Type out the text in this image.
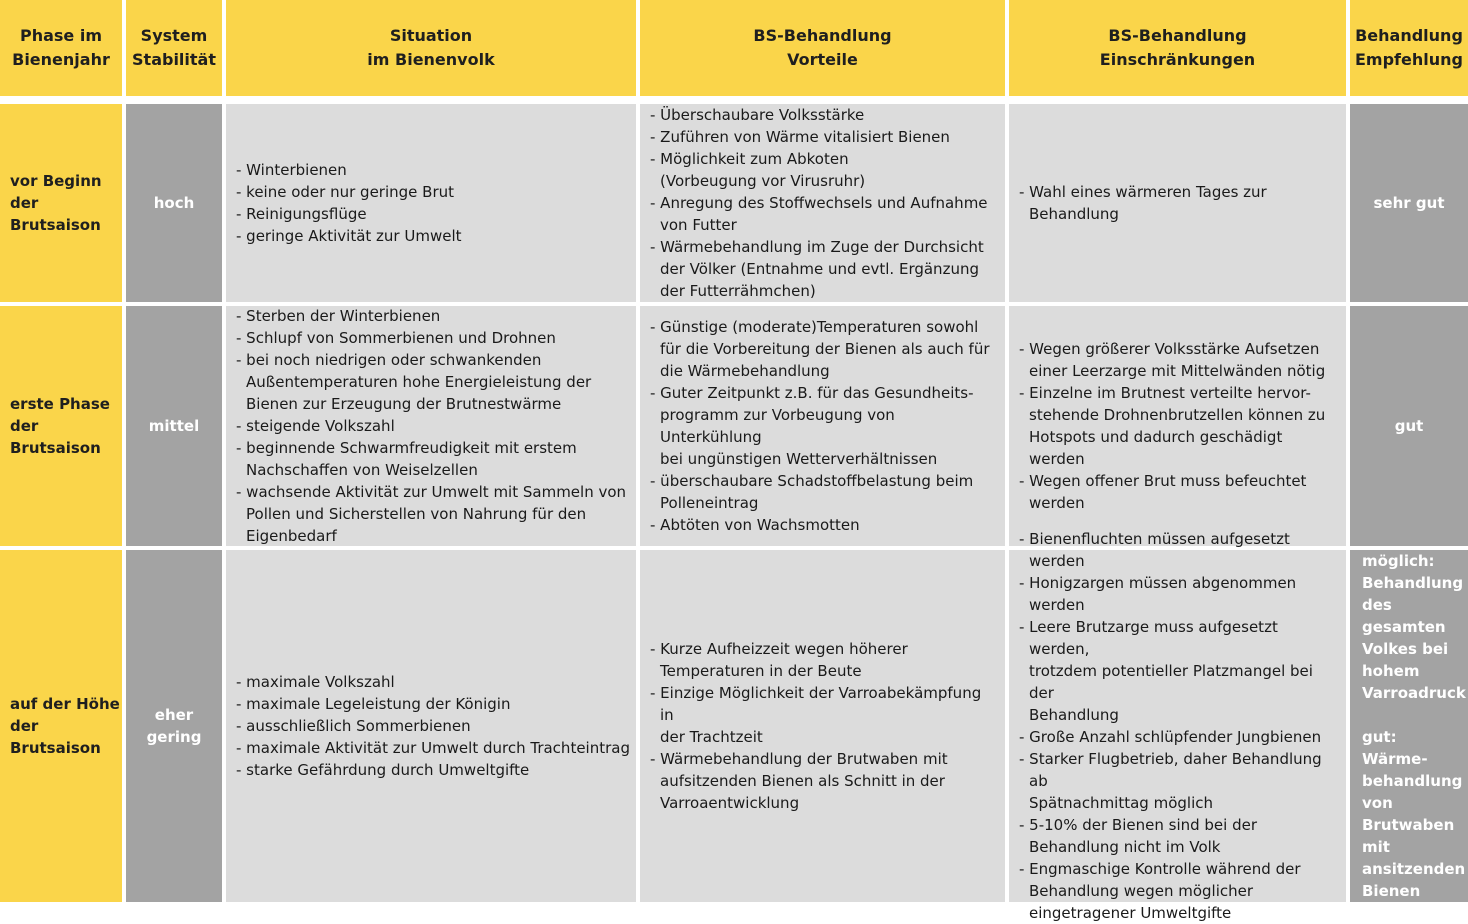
Phase im
Bienenjahr
System
Stabilität
Situation
im Bienenvolk
BS-Behandlung
Vorteile
BS-Behandlung
Einschränkungen
Behandlung
Empfehlung
vor Beginn
der
Brutsaison
hoch
- Winterbienen
- keine oder nur geringe Brut
- Reinigungsflüge
- geringe Aktivität zur Umwelt
- Überschaubare Volksstärke
- Zuführen von Wärme vitalisiert Bienen
- Möglichkeit zum Abkoten
(Vorbeugung vor Virusruhr)
- Anregung des Stoffwechsels und Aufnahme
von Futter
- Wärmebehandlung im Zuge der Durchsicht
der Völker (Entnahme und evtl. Ergänzung
der Futterrähmchen)
- Wahl eines wärmeren Tages zur
Behandlung
sehr gut
erste Phase
der
Brutsaison
mittel
- Sterben der Winterbienen
- Schlupf von Sommerbienen und Drohnen
- bei noch niedrigen oder schwankenden
Außentemperaturen hohe Energieleistung der
Bienen zur Erzeugung der Brutnestwärme
- steigende Volkszahl
- beginnende Schwarmfreudigkeit mit erstem
Nachschaffen von Weiselzellen
- wachsende Aktivität zur Umwelt mit Sammeln von
Pollen und Sicherstellen von Nahrung für den
Eigenbedarf
- Günstige (moderate)Temperaturen sowohl
für die Vorbereitung der Bienen als auch für
die Wärmebehandlung
- Guter Zeitpunkt z.B. für das Gesundheits-
programm zur Vorbeugung von Unterkühlung
bei ungünstigen Wetterverhältnissen
- überschaubare Schadstoffbelastung beim
Polleneintrag
- Abtöten von Wachsmotten
- Wegen größerer Volksstärke Aufsetzen
einer Leerzarge mit Mittelwänden nötig
- Einzelne im Brutnest verteilte hervor-
stehende Drohnenbrutzellen können zu
Hotspots und dadurch geschädigt werden
- Wegen offener Brut muss befeuchtet
werden
gut
auf der Höhe
der
Brutsaison
eher
gering
- maximale Volkszahl
- maximale Legeleistung der Königin
- ausschließlich Sommerbienen
- maximale Aktivität zur Umwelt durch Trachteintrag
- starke Gefährdung durch Umweltgifte
- Kurze Aufheizzeit wegen höherer
Temperaturen in der Beute
- Einzige Möglichkeit der Varroabekämpfung in
der Trachtzeit
- Wärmebehandlung der Brutwaben mit
aufsitzenden Bienen als Schnitt in der
Varroaentwicklung
- Bienenfluchten müssen aufgesetzt
werden
- Honigzargen müssen abgenommen
werden
- Leere Brutzarge muss aufgesetzt werden,
trotzdem potentieller Platzmangel bei der
Behandlung
- Große Anzahl schlüpfender Jungbienen
- Starker Flugbetrieb, daher Behandlung ab
Spätnachmittag möglich
- 5-10% der Bienen sind bei der
Behandlung nicht im Volk
- Engmaschige Kontrolle während der
Behandlung wegen möglicher
eingetragener Umweltgifte
möglich:
Behandlung
des
gesamten
Volkes bei
hohem
Varroadruck
gut:
Wärme-
behandlung
von
Brutwaben
mit
ansitzenden
Bienen
